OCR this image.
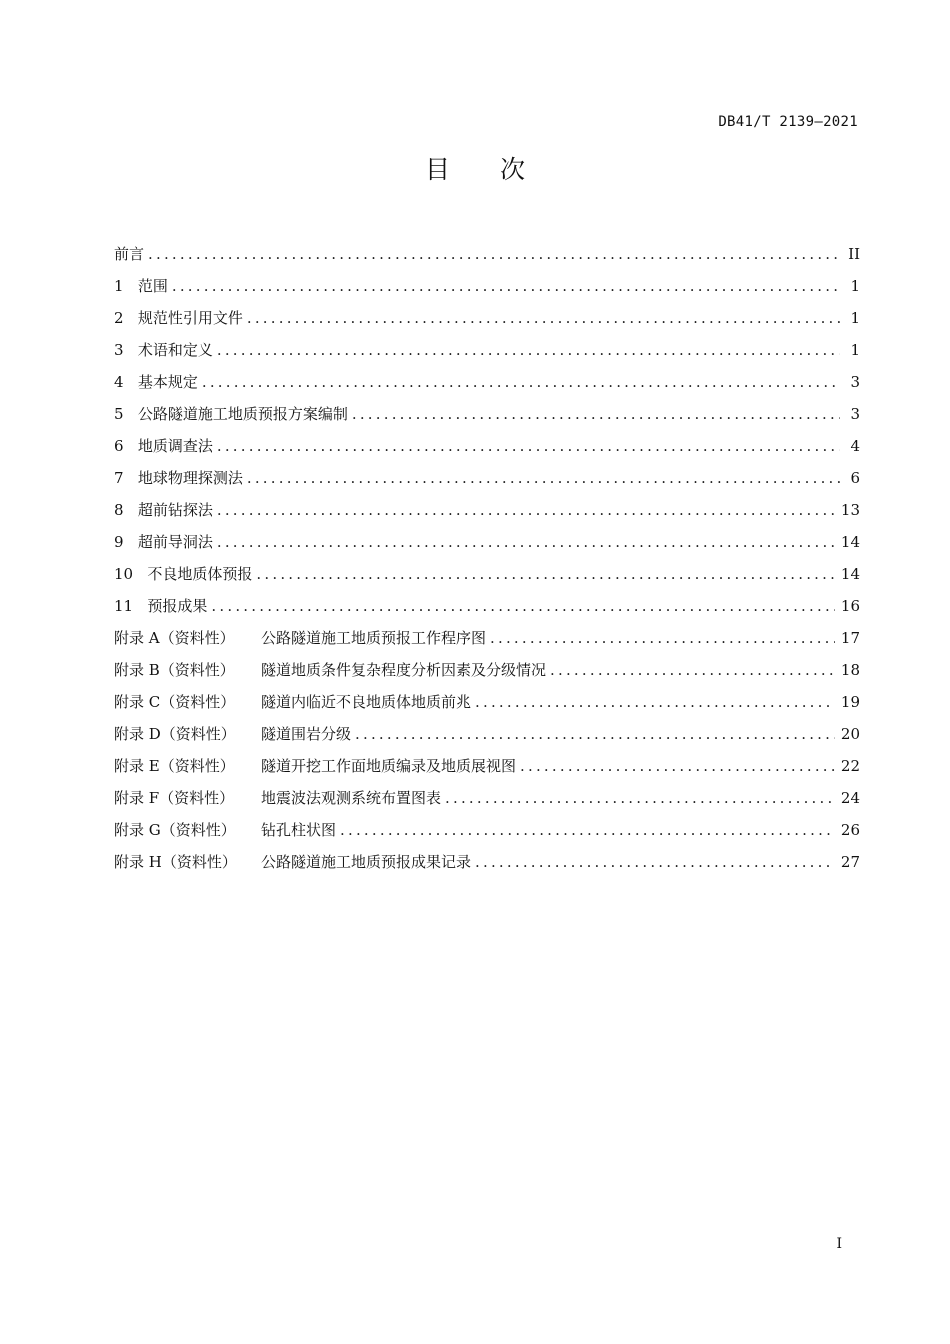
DB41/T 2139—2021
目 次
前言 .....	II
1 范围 .....	1
2 规范性引用文件 .....	1
3 术语和定义 .....	1
4 基本规定 .....	3
5 公路隧道施工地质预报方案编制 .....	3
6 地质调查法 .....	4
7 地球物理探测法 .....	6
8 超前钻探法 .....	13
9 超前导洞法 .....	14
10 不良地质体预报 .....	14
11 预报成果 .....	16
附录 A（资料性） 公路隧道施工地质预报工作程序图 .....	17
附录 B（资料性） 隧道地质条件复杂程度分析因素及分级情况 .....	18
附录 C（资料性） 隧道内临近不良地质体地质前兆 .....	19
附录 D（资料性） 隧道围岩分级 .....	20
附录 E（资料性） 隧道开挖工作面地质编录及地质展视图 .....	22
附录 F（资料性） 地震波法观测系统布置图表 .....	24
附录 G（资料性） 钻孔柱状图 .....	26
附录 H（资料性） 公路隧道施工地质预报成果记录 .....	27
I
